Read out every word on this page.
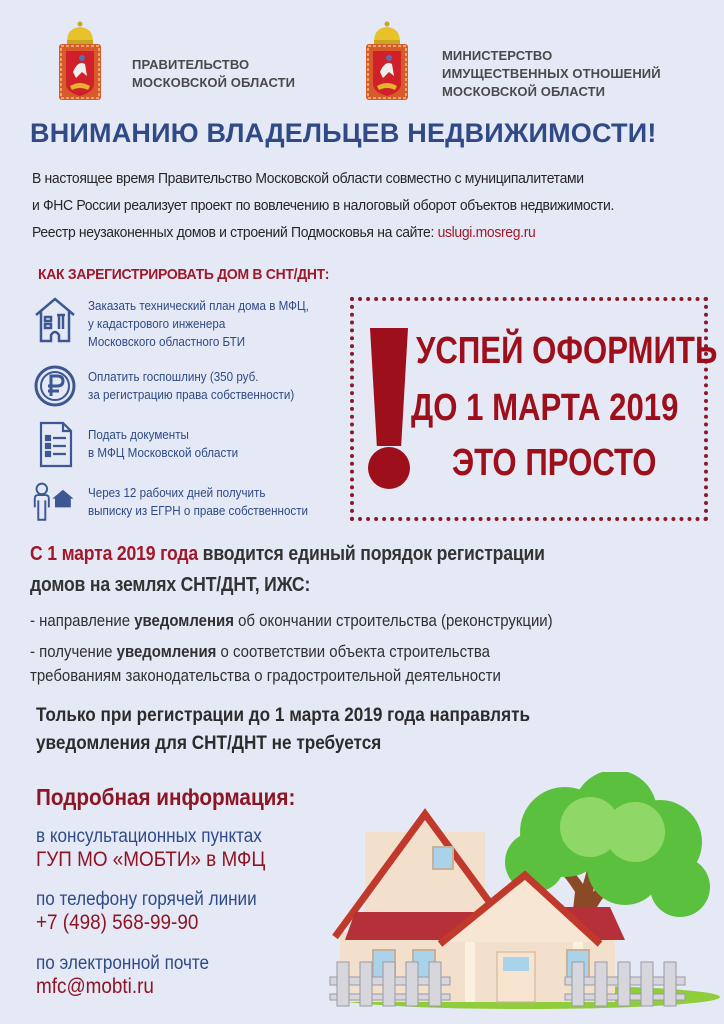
ПРАВИТЕЛЬСТВО
МОСКОВСКОЙ ОБЛАСТИ
МИНИСТЕРСТВО
ИМУЩЕСТВЕННЫХ ОТНОШЕНИЙ
МОСКОВСКОЙ ОБЛАСТИ
ВНИМАНИЮ ВЛАДЕЛЬЦЕВ НЕДВИЖИМОСТИ!
В настоящее время Правительство Московской области совместно с муниципалитетами
и ФНС России реализует проект по вовлечению в налоговый оборот объектов недвижимости.
Реестр неузаконенных домов и строений Подмосковья на сайте: uslugi.mosreg.ru
КАК ЗАРЕГИСТРИРОВАТЬ ДОМ В СНТ/ДНТ:
Заказать технический план дома в МФЦ,
у кадастрового инженера
Московского областного БТИ
Оплатить госпошлину (350 руб.
за регистрацию права собственности)
Подать документы
в МФЦ Московской области
Через 12 рабочих дней получить
выписку из ЕГРН о праве собственности
УСПЕЙ ОФОРМИТЬ
ДО 1 МАРТА 2019
ЭТО ПРОСТО
С 1 марта 2019 года вводится единый порядок регистрации
домов на землях СНТ/ДНТ, ИЖС:
- направление уведомления об окончании строительства (реконструкции)
- получение уведомления о соответствии объекта строительства
требованиям законодательства о градостроительной деятельности
Только при регистрации до 1 марта 2019 года направлять
уведомления для СНТ/ДНТ не требуется
Подробная информация:
в консультационных пунктах
ГУП МО «МОБТИ» в МФЦ
по телефону горячей линии
+7 (498) 568-99-90
по электронной почте
mfc@mobti.ru
